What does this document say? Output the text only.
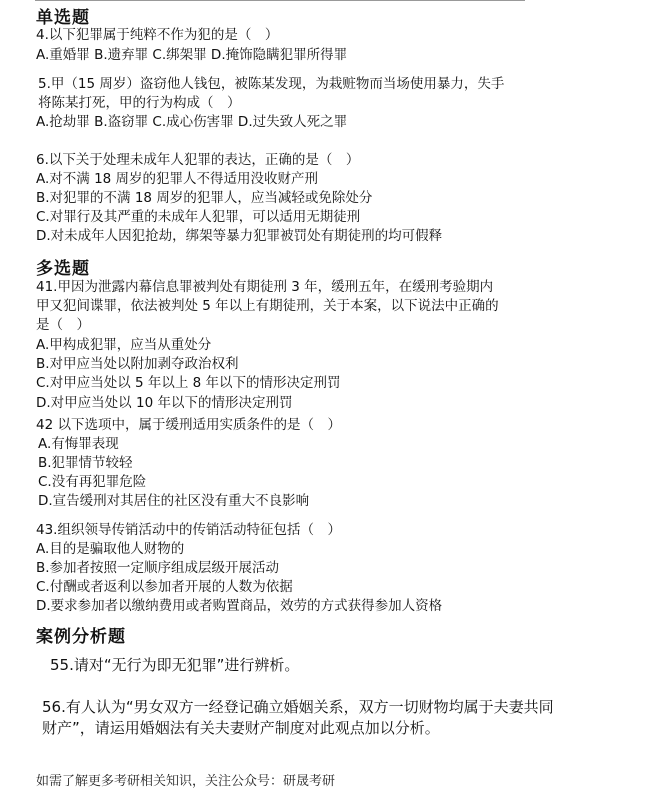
单选题
4.以下犯罪属于纯粹不作为犯的是（　）
A.重婚罪 B.遗弃罪 C.绑架罪 D.掩饰隐瞒犯罪所得罪
5.甲（15 周岁）盗窃他人钱包，被陈某发现，为栽赃物而当场使用暴力，失手
将陈某打死，甲的行为构成（　）
A.抢劫罪 B.盗窃罪 C.成心伤害罪 D.过失致人死之罪
6.以下关于处理未成年人犯罪的表达，正确的是（　）
A.对不满 18 周岁的犯罪人不得适用没收财产刑
B.对犯罪的不满 18 周岁的犯罪人，应当减轻或免除处分
C.对罪行及其严重的未成年人犯罪，可以适用无期徒刑
D.对未成年人因犯抢劫，绑架等暴力犯罪被罚处有期徒刑的均可假释
多选题
41.甲因为泄露内幕信息罪被判处有期徒刑 3 年，缓刑五年，在缓刑考验期内
甲又犯间谍罪，依法被判处 5 年以上有期徒刑，关于本案，以下说法中正确的
是（　）
A.甲构成犯罪，应当从重处分
B.对甲应当处以附加剥夺政治权利
C.对甲应当处以 5 年以上 8 年以下的情形决定刑罚
D.对甲应当处以 10 年以下的情形决定刑罚
42 以下选项中，属于缓刑适用实质条件的是（　）
A.有悔罪表现
B.犯罪情节较轻
C.没有再犯罪危险
D.宣告缓刑对其居住的社区没有重大不良影响
43.组织领导传销活动中的传销活动特征包括（　）
A.目的是骗取他人财物的
B.参加者按照一定顺序组成层级开展活动
C.付酬或者返利以参加者开展的人数为依据
D.要求参加者以缴纳费用或者购置商品，效劳的方式获得参加人资格
案例分析题
55.请对“无行为即无犯罪”进行辨析。
56.有人认为“男女双方一经登记确立婚姻关系，双方一切财物均属于夫妻共同
财产”，请运用婚姻法有关夫妻财产制度对此观点加以分析。
如需了解更多考研相关知识，关注公众号：研晟考研
